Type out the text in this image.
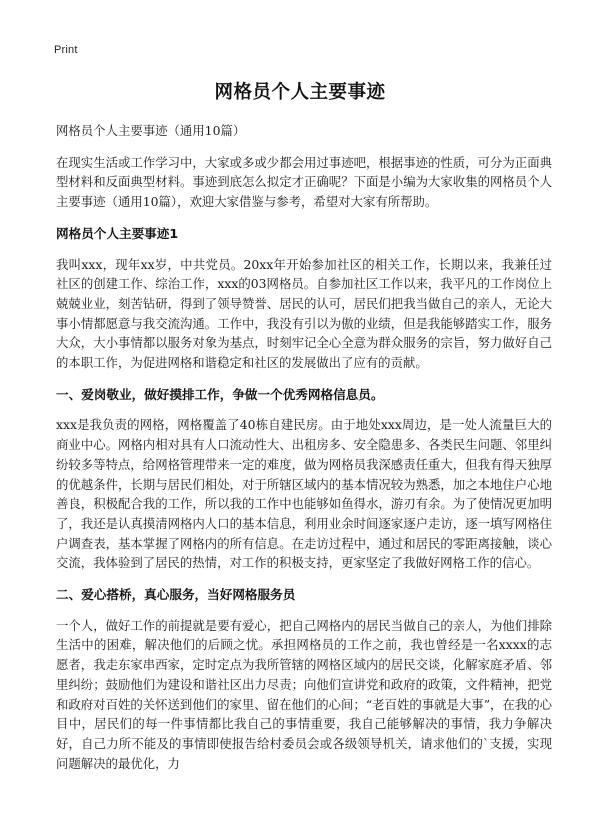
Print
网格员个人主要事迹

网格员个人主要事迹（通用10篇）

在现实生活或工作学习中，大家或多或少都会用过事迹吧，根据事迹的性质，可分为正面典型材料和反面典型材料。事迹到底怎么拟定才正确呢？下面是小编为大家收集的网格员个人主要事迹（通用10篇），欢迎大家借鉴与参考，希望对大家有所帮助。

网格员个人主要事迹1

我叫xxx，现年xx岁，中共党员。20xx年开始参加社区的相关工作，长期以来，我兼任过社区的创建工作、综治工作，xxx的03网格员。自参加社区工作以来，我平凡的工作岗位上兢兢业业，刻苦钻研，得到了领导赞誉、居民的认可，居民们把我当做自己的亲人，无论大事小情都愿意与我交流沟通。工作中，我没有引以为傲的业绩，但是我能够踏实工作，服务大众，大小事情都以服务对象为基点，时刻牢记全心全意为群众服务的宗旨，努力做好自己的本职工作，为促进网格和谐稳定和社区的发展做出了应有的贡献。

一、爱岗敬业，做好摸排工作，争做一个优秀网格信息员。

xxx是我负责的网格，网格覆盖了40栋自建民房。由于地处xxx周边，是一处人流量巨大的商业中心。网格内相对具有人口流动性大、出租房多、安全隐患多、各类民生问题、邻里纠纷较多等特点，给网格管理带来一定的难度，做为网格员我深感责任重大，但我有得天独厚的优越条件，长期与居民们相处，对于所辖区域内的基本情况较为熟悉，加之本地住户心地善良，积极配合我的工作，所以我的工作中也能够如鱼得水，游刃有余。为了使情况更加明了，我还是认真摸清网格内人口的基本信息，利用业余时间逐家逐户走访，逐一填写网格住户调查表，基本掌握了网格内的所有信息。在走访过程中，通过和居民的零距离接触，谈心交流，我体验到了居民的热情，对工作的积极支持，更家坚定了我做好网格工作的信心。

二、爱心搭桥，真心服务，当好网格服务员

一个人，做好工作的前提就是要有爱心，把自己网格内的居民当做自己的亲人，为他们排除生活中的困难，解决他们的后顾之忧。承担网格员的工作之前，我也曾经是一名xxxx的志愿者，我走东家串西家，定时定点为我所管辖的网格区域内的居民交谈，化解家庭矛盾、邻里纠纷；鼓励他们为建设和谐社区出力尽责；向他们宣讲党和政府的政策，文件精神，把党和政府对百姓的关怀送到他们的家里、留在他们的心间；“老百姓的事就是大事”，在我的心目中，居民们的每一件事情都比我自己的事情重要，我自己能够解决的事情，我力争解决好，自己力所不能及的事情即使报告给村委员会或各级领导机关，请求他们的`支援，实现问题解决的最优化，力
